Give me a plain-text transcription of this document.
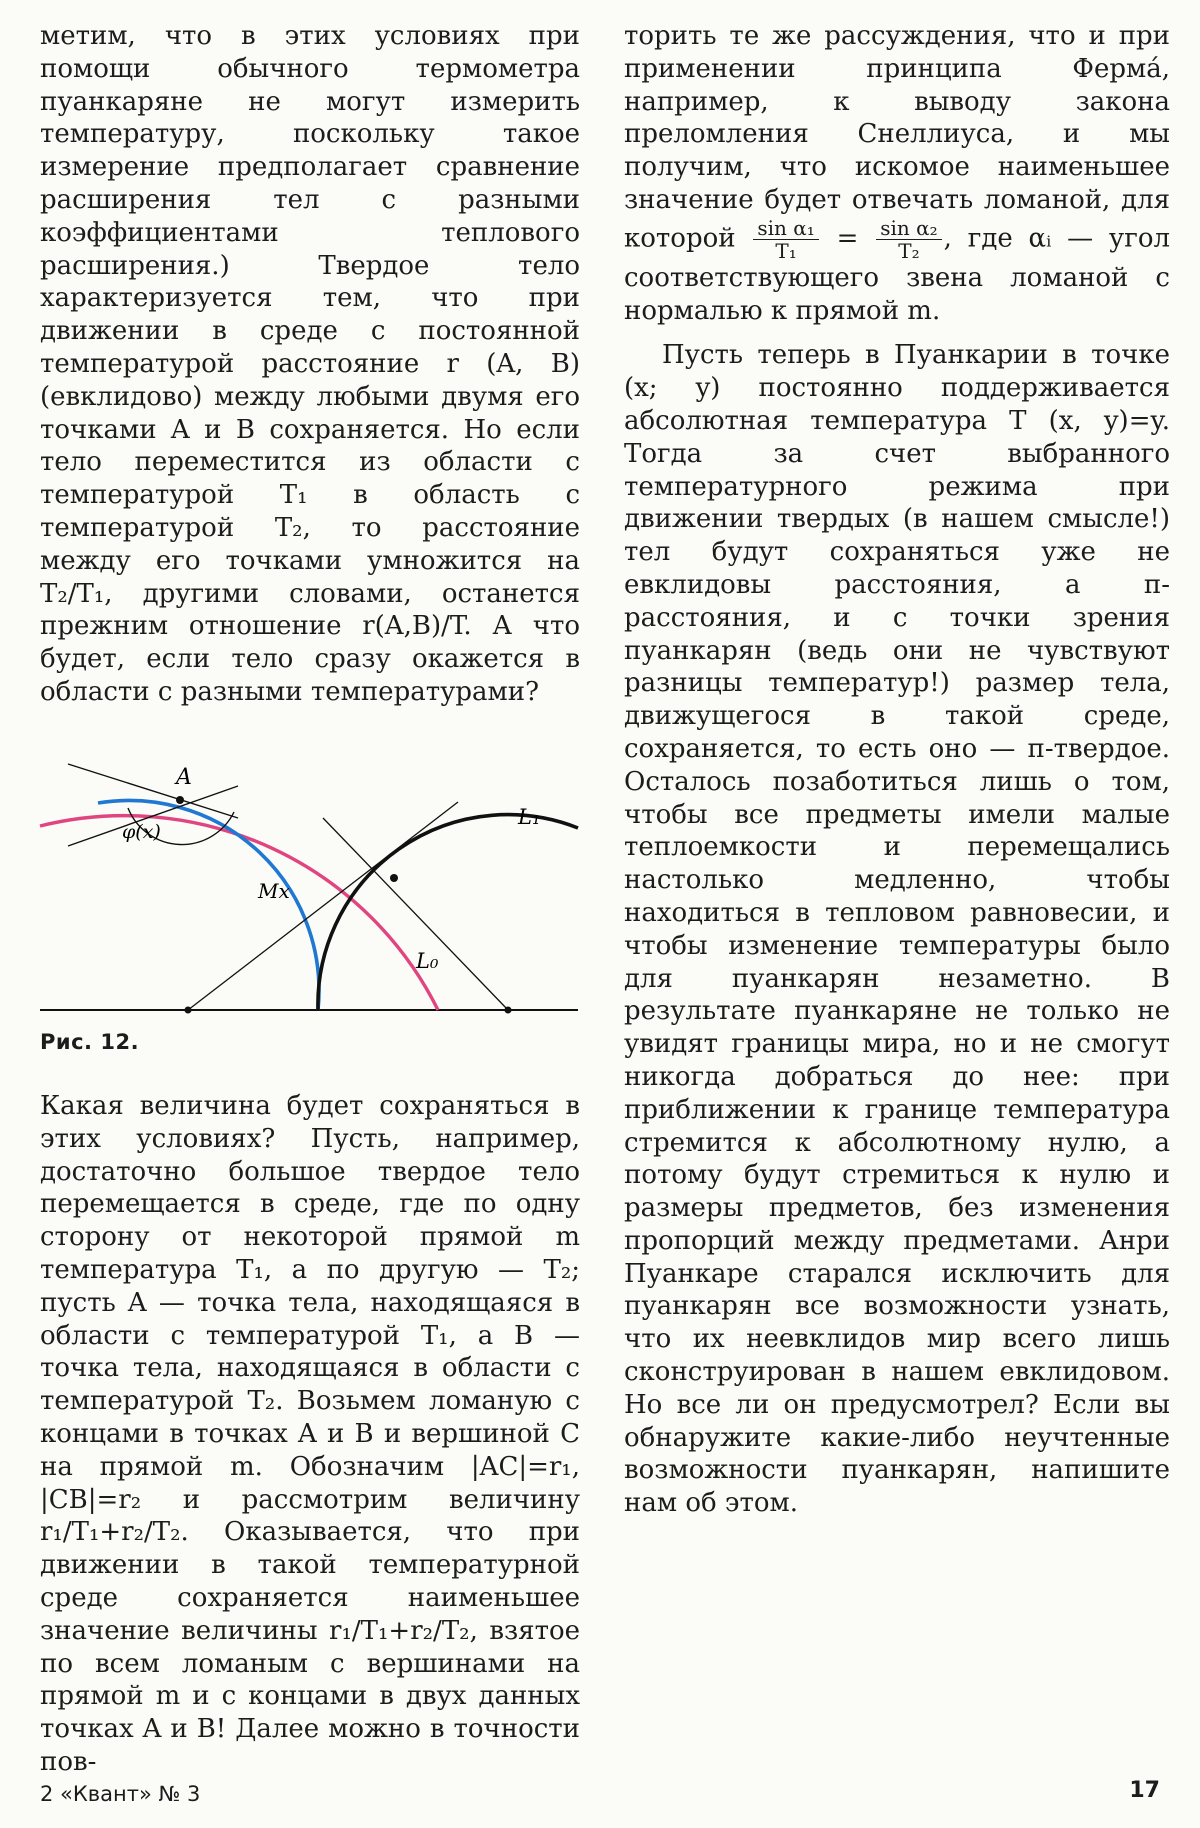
метим, что в этих условиях при помощи обычного термометра пуанкаряне не могут измерить температуру, поскольку такое измерение предполагает сравнение расширения тел с разными коэффициентами теплового расширения.) Твердое тело характеризуется тем, что при движении в среде с постоянной температурой расстояние r (A, B) (евклидово) между любыми двумя его точками A и B сохраняется. Но если тело переместится из области с температурой T₁ в область с температурой T₂, то расстояние между его точками умножится на T₂/T₁, другими словами, останется прежним отношение r(A,B)/T. А что будет, если тело сразу окажется в области с разными температурами?

A
φ(x)
Mx
L₁
L₀
Рис. 12.

Какая величина будет сохраняться в этих условиях? Пусть, например, достаточно большое твердое тело перемещается в среде, где по одну сторону от некоторой прямой m температура T₁, а по другую — T₂; пусть A — точка тела, находящаяся в области с температурой T₁, а B — точка тела, находящаяся в области с температурой T₂. Возьмем ломаную с концами в точках A и B и вершиной C на прямой m. Обозначим |AC|=r₁, |CB|=r₂ и рассмотрим величину r₁/T₁+r₂/T₂. Оказывается, что при движении в такой температурной среде сохраняется наименьшее значение величины r₁/T₁+r₂/T₂, взятое по всем ломаным с вершинами на прямой m и с концами в двух данных точках A и B! Далее можно в точности пов-

торить те же рассуждения, что и при применении принципа Ферма́, например, к выводу закона преломления Снеллиуса, и мы получим, что искомое наименьшее значение будет отвечать ломаной, для которой $\frac{\text{sin α₁}}{\text{T₁}} = \frac{\text{sin α₂}}{\text{T₂}}$ , где αᵢ — угол соответствующего звена ломаной с нормалью к прямой m.

Пусть теперь в Пуанкарии в точке (x; y) постоянно поддерживается абсолютная температура T (x, y)=y. Тогда за счет выбранного температурного режима при движении твердых (в нашем смысле!) тел будут сохраняться уже не евклидовы расстояния, а п-расстояния, и с точки зрения пуанкарян (ведь они не чувствуют разницы температур!) размер тела, движущегося в такой среде, сохраняется, то есть оно — п-твердое. Осталось позаботиться лишь о том, чтобы все предметы имели малые теплоемкости и перемещались настолько медленно, чтобы находиться в тепловом равновесии, и чтобы изменение температуры было для пуанкарян незаметно. В результате пуанкаряне не только не увидят границы мира, но и не смогут никогда добраться до нее: при приближении к границе температура стремится к абсолютному нулю, а потому будут стремиться к нулю и размеры предметов, без изменения пропорций между предметами. Анри Пуанкаре старался исключить для пуанкарян все возможности узнать, что их неевклидов мир всего лишь сконструирован в нашем евклидовом. Но все ли он предусмотрел? Если вы обнаружите какие-либо неучтенные возможности пуанкарян, напишите нам об этом.

2 «Квант» № 3	17
